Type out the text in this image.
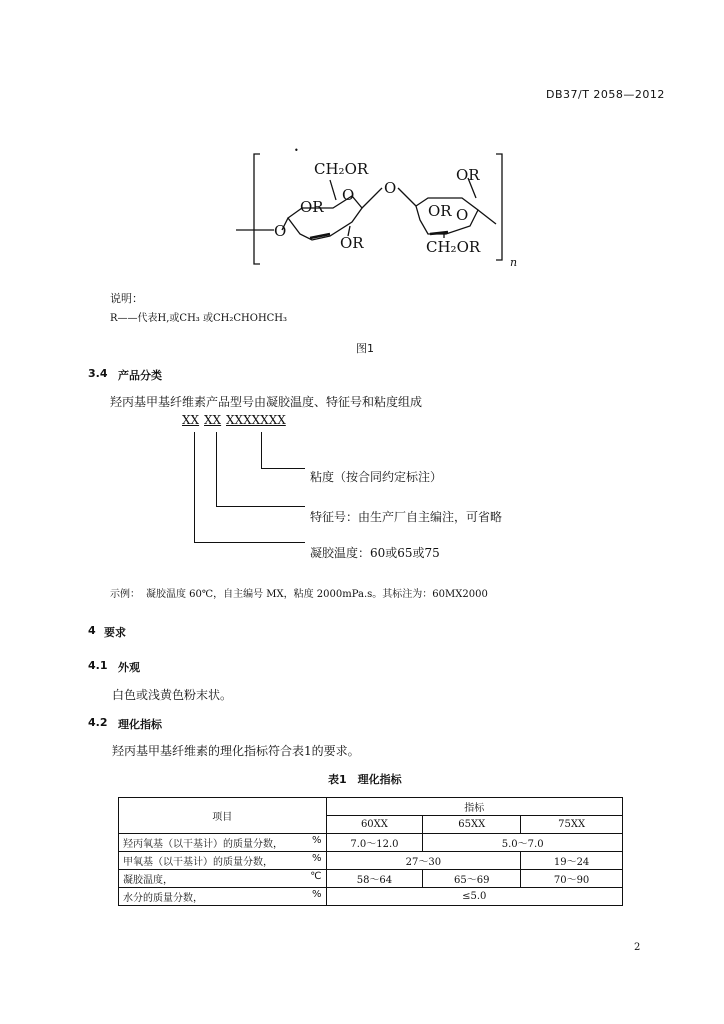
DB37/T 2058—2012
•
CH₂OR
OR
O
OR
O
O
OR
OR O
CH₂OR
n
说明：
R——代表H,或CH₃ 或CH₂CHOHCH₃
图1
3.4 产品分类
羟丙基甲基纤维素产品型号由凝胶温度、特征号和粘度组成
XX XX XXXXXXX
粘度（按合同约定标注）
特征号：由生产厂自主编注，可省略
凝胶温度：60或65或75
示例： 凝胶温度 60℃，自主编号 MX，粘度 2000mPa.s。其标注为：60MX2000
4 要求
4.1 外观
白色或浅黄色粉末状。
4.2 理化指标
羟丙基甲基纤维素的理化指标符合表1的要求。
表1　理化指标
项目	指标		
	60XX	65XX	75XX

羟丙氧基（以干基计）的质量分数， %	7.0～12.0	5.0～7.0	

甲氧基（以干基计）的质量分数， %	27～30		19～24

凝胶温度， ℃	58～64	65～69	70～90

水分的质量分数， %	≤5.0		
2
